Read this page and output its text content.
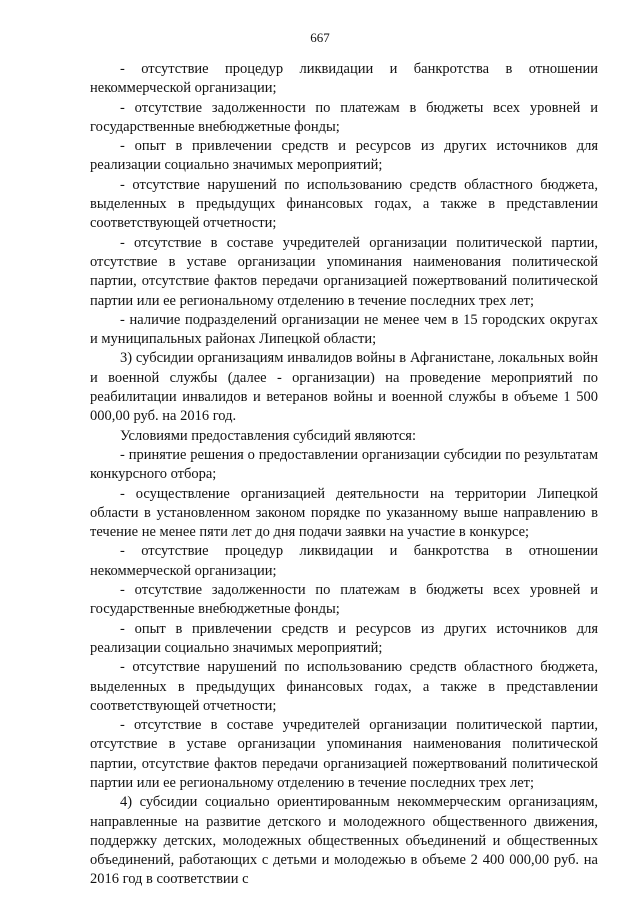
667

- отсутствие процедур ликвидации и банкротства в отношении некоммерческой организации;

- отсутствие задолженности по платежам в бюджеты всех уровней и государственные внебюджетные фонды;

- опыт в привлечении средств и ресурсов из других источников для реализации социально значимых мероприятий;

- отсутствие нарушений по использованию средств областного бюджета, выделенных в предыдущих финансовых годах, а также в представлении соответствующей отчетности;

- отсутствие в составе учредителей организации политической партии, отсутствие в уставе организации упоминания наименования политической партии, отсутствие фактов передачи организацией пожертвований политической партии или ее региональному отделению в течение последних трех лет;

- наличие подразделений организации не менее чем в 15 городских округах и муниципальных районах Липецкой области;

3) субсидии организациям инвалидов войны в Афганистане, локальных войн и военной службы (далее - организации) на проведение мероприятий по реабилитации инвалидов и ветеранов войны и военной службы в объеме 1 500 000,00 руб. на 2016 год.

Условиями предоставления субсидий являются:

- принятие решения о предоставлении организации субсидии по результатам конкурсного отбора;

- осуществление организацией деятельности на территории Липецкой области в установленном законом порядке по указанному выше направлению в течение не менее пяти лет до дня подачи заявки на участие в конкурсе;

- отсутствие процедур ликвидации и банкротства в отношении некоммерческой организации;

- отсутствие задолженности по платежам в бюджеты всех уровней и государственные внебюджетные фонды;

- опыт в привлечении средств и ресурсов из других источников для реализации социально значимых мероприятий;

- отсутствие нарушений по использованию средств областного бюджета, выделенных в предыдущих финансовых годах, а также в представлении соответствующей отчетности;

- отсутствие в составе учредителей организации политической партии, отсутствие в уставе организации упоминания наименования политической партии, отсутствие фактов передачи организацией пожертвований политической партии или ее региональному отделению в течение последних трех лет;

4) субсидии социально ориентированным некоммерческим организациям, направленные на развитие детского и молодежного общественного движения, поддержку детских, молодежных общественных объединений и общественных объединений, работающих с детьми и молодежью в объеме 2 400 000,00 руб. на 2016 год в соответствии с
